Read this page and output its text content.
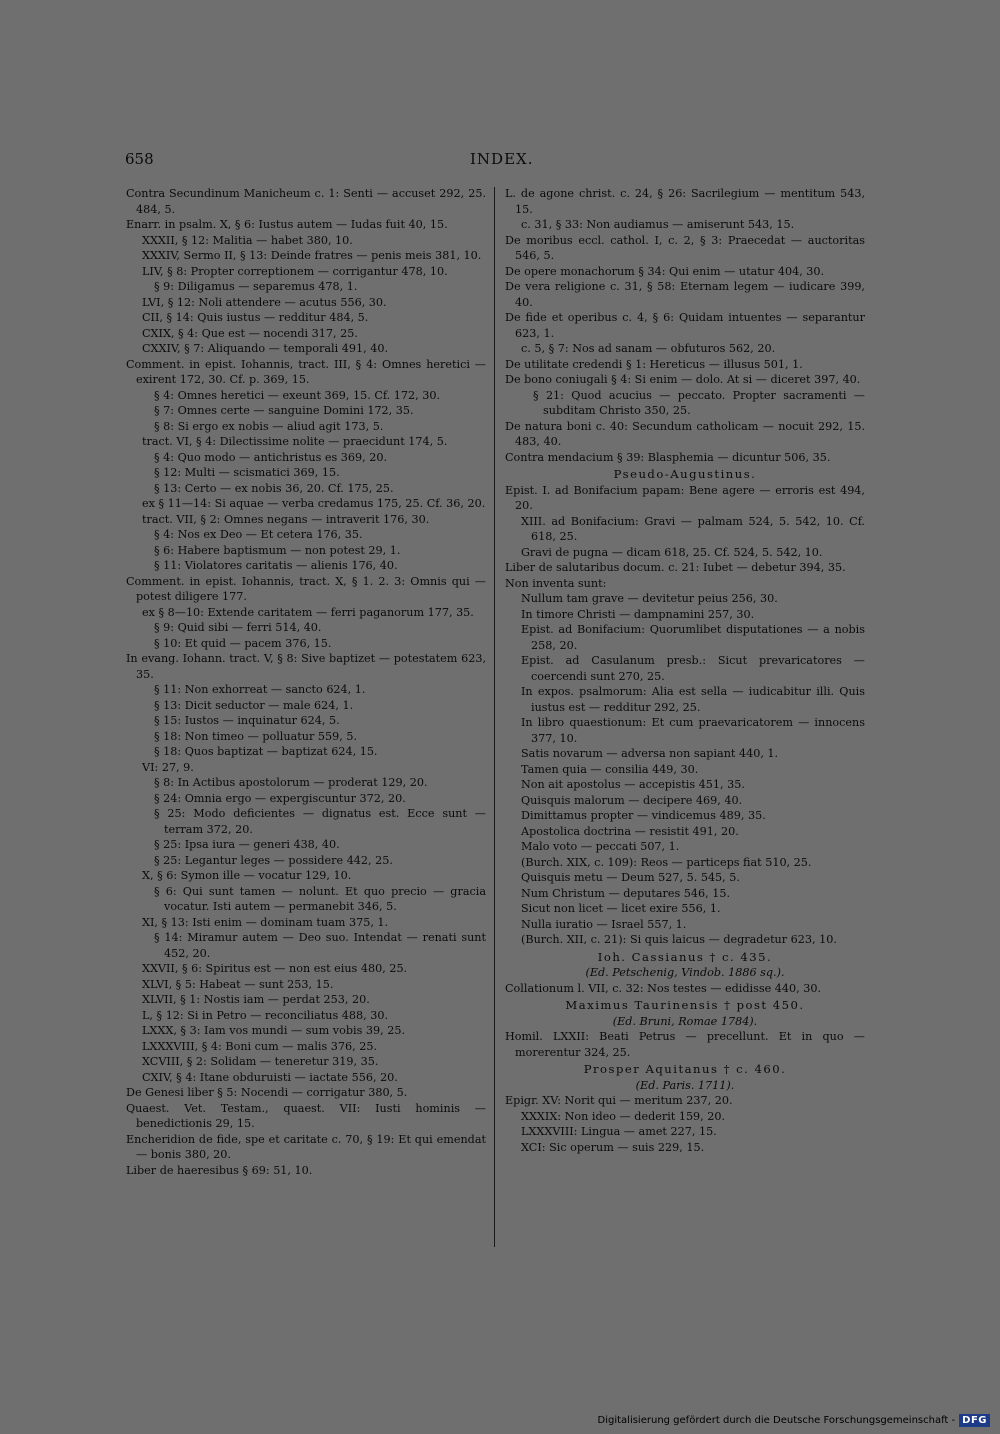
658	INDEX.

Contra Secundinum Manicheum c. 1: Senti — accuset 292, 25. 484, 5.

Enarr. in psalm. X, § 6: Iustus autem — Iudas fuit 40, 15.

XXXII, § 12: Malitia — habet 380, 10.

XXXIV, Sermo II, § 13: Deinde fratres — penis meis 381, 10.

LIV, § 8: Propter correptionem — corrigantur 478, 10.

§ 9: Diligamus — separemus 478, 1.

LVI, § 12: Noli attendere — acutus 556, 30.

CII, § 14: Quis iustus — redditur 484, 5.

CXIX, § 4: Que est — nocendi 317, 25.

CXXIV, § 7: Aliquando — temporali 491, 40.

Comment. in epist. Iohannis, tract. III, § 4: Omnes heretici — exirent 172, 30. Cf. p. 369, 15.

§ 4: Omnes heretici — exeunt 369, 15. Cf. 172, 30.

§ 7: Omnes certe — sanguine Domini 172, 35.

§ 8: Si ergo ex nobis — aliud agit 173, 5.

tract. VI, § 4: Dilectissime nolite — praecidunt 174, 5.

§ 4: Quo modo — antichristus es 369, 20.

§ 12: Multi — scismatici 369, 15.

§ 13: Certo — ex nobis 36, 20. Cf. 175, 25.

ex § 11—14: Si aquae — verba credamus 175, 25. Cf. 36, 20.

tract. VII, § 2: Omnes negans — intraverit 176, 30.

§ 4: Nos ex Deo — Et cetera 176, 35.

§ 6: Habere baptismum — non potest 29, 1.

§ 11: Violatores caritatis — alienis 176, 40.

Comment. in epist. Iohannis, tract. X, § 1. 2. 3: Omnis qui — potest diligere 177.

ex § 8—10: Extende caritatem — ferri paganorum 177, 35.

§ 9: Quid sibi — ferri 514, 40.

§ 10: Et quid — pacem 376, 15.

In evang. Iohann. tract. V, § 8: Sive baptizet — potestatem 623, 35.

§ 11: Non exhorreat — sancto 624, 1.

§ 13: Dicit seductor — male 624, 1.

§ 15: Iustos — inquinatur 624, 5.

§ 18: Non timeo — polluatur 559, 5.

§ 18: Quos baptizat — baptizat 624, 15.

VI: 27, 9.

§ 8: In Actibus apostolorum — proderat 129, 20.

§ 24: Omnia ergo — expergiscuntur 372, 20.

§ 25: Modo deficientes — dignatus est. Ecce sunt — terram 372, 20.

§ 25: Ipsa iura — generi 438, 40.

§ 25: Legantur leges — possidere 442, 25.

X, § 6: Symon ille — vocatur 129, 10.

§ 6: Qui sunt tamen — nolunt. Et quo precio — gracia vocatur. Isti autem — permanebit 346, 5.

XI, § 13: Isti enim — dominam tuam 375, 1.

§ 14: Miramur autem — Deo suo. Intendat — renati sunt 452, 20.

XXVII, § 6: Spiritus est — non est eius 480, 25.

XLVI, § 5: Habeat — sunt 253, 15.

XLVII, § 1: Nostis iam — perdat 253, 20.

L, § 12: Si in Petro — reconciliatus 488, 30.

LXXX, § 3: Iam vos mundi — sum vobis 39, 25.

LXXXVIII, § 4: Boni cum — malis 376, 25.

XCVIII, § 2: Solidam — teneretur 319, 35.

CXIV, § 4: Itane obduruisti — iactate 556, 20.

De Genesi liber § 5: Nocendi — corrigatur 380, 5.

Quaest. Vet. Testam., quaest. VII: Iusti hominis — benedictionis 29, 15.

Encheridion de fide, spe et caritate c. 70, § 19: Et qui emendat — bonis 380, 20.

Liber de haeresibus § 69: 51, 10.

L. de agone christ. c. 24, § 26: Sacrilegium — mentitum 543, 15.

c. 31, § 33: Non audiamus — amiserunt 543, 15.

De moribus eccl. cathol. I, c. 2, § 3: Praecedat — auctoritas 546, 5.

De opere monachorum § 34: Qui enim — utatur 404, 30.

De vera religione c. 31, § 58: Eternam legem — iudicare 399, 40.

De fide et operibus c. 4, § 6: Quidam intuentes — separantur 623, 1.

c. 5, § 7: Nos ad sanam — obfuturos 562, 20.

De utilitate credendi § 1: Hereticus — illusus 501, 1.

De bono coniugali § 4: Si enim — dolo. At si — diceret 397, 40.

§ 21: Quod acucius — peccato. Propter sacramenti — subditam Christo 350, 25.

De natura boni c. 40: Secundum catholicam — nocuit 292, 15. 483, 40.

Contra mendacium § 39: Blasphemia — dicuntur 506, 35.

Pseudo-Augustinus.

Epist. I. ad Bonifacium papam: Bene agere — erroris est 494, 20.

XIII. ad Bonifacium: Gravi — palmam 524, 5. 542, 10. Cf. 618, 25.

Gravi de pugna — dicam 618, 25. Cf. 524, 5. 542, 10.

Liber de salutaribus docum. c. 21: Iubet — debetur 394, 35.

Non inventa sunt:

Nullum tam grave — devitetur peius 256, 30.

In timore Christi — dampnamini 257, 30.

Epist. ad Bonifacium: Quorumlibet disputationes — a nobis 258, 20.

Epist. ad Casulanum presb.: Sicut prevaricatores — coercendi sunt 270, 25.

In expos. psalmorum: Alia est sella — iudicabitur illi. Quis iustus est — redditur 292, 25.

In libro quaestionum: Et cum praevaricatorem — innocens 377, 10.

Satis novarum — adversa non sapiant 440, 1.

Tamen quia — consilia 449, 30.

Non ait apostolus — accepistis 451, 35.

Quisquis malorum — decipere 469, 40.

Dimittamus propter — vindicemus 489, 35.

Apostolica doctrina — resistit 491, 20.

Malo voto — peccati 507, 1.

(Burch. XIX, c. 109): Reos — particeps fiat 510, 25.

Quisquis metu — Deum 527, 5. 545, 5.

Num Christum — deputares 546, 15.

Sicut non licet — licet exire 556, 1.

Nulla iuratio — Israel 557, 1.

(Burch. XII, c. 21): Si quis laicus — degradetur 623, 10.

Ioh. Cassianus † c. 435.

(Ed. Petschenig, Vindob. 1886 sq.).

Collationum l. VII, c. 32: Nos testes — edidisse 440, 30.

Maximus Taurinensis † post 450.

(Ed. Bruni, Romae 1784).

Homil. LXXII: Beati Petrus — precellunt. Et in quo — morerentur 324, 25.

Prosper Aquitanus † c. 460.

(Ed. Paris. 1711).

Epigr. XV: Norit qui — meritum 237, 20.

XXXIX: Non ideo — dederit 159, 20.

LXXXVIII: Lingua — amet 227, 15.

XCI: Sic operum — suis 229, 15.

Digitalisierung gefördert durch die Deutsche Forschungsgemeinschaft - DFG
